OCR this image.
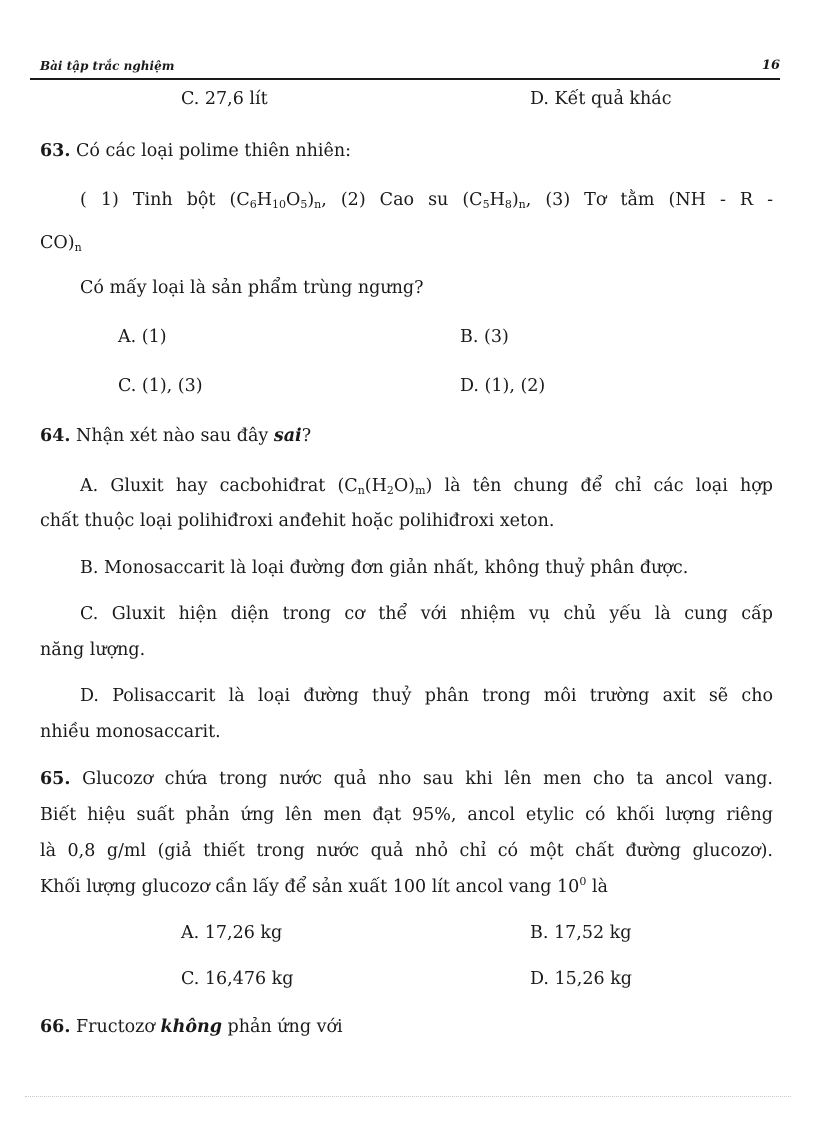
Bài tập trắc nghiệm	16
C. 27,6 lít	D. Kết quả khác
63. Có các loại polime thiên nhiên:
( 1) Tinh bột $(C_6H_{10}O_5)_n$, (2) Cao su $(C_5H_8)_n$, (3) Tơ tằm (NH - R -
$CO)_n$
Có mấy loại là sản phẩm trùng ngưng?
A. (1)	B. (3)
C. (1), (3)	D. (1), (2)
64. Nhận xét nào sau đây sai?
A. Gluxit hay cacbohiđrat $(C_n(H_2O)_m)$ là tên chung để chỉ các loại hợp
chất thuộc loại polihiđroxi anđehit hoặc polihiđroxi xeton.
B. Monosaccarit là loại đường đơn giản nhất, không thuỷ phân được.
C. Gluxit hiện diện trong cơ thể với nhiệm vụ chủ yếu là cung cấp
năng lượng.
D. Polisaccarit là loại đường thuỷ phân trong môi trường axit sẽ cho
nhiều monosaccarit.
65. Glucozơ chứa trong nước quả nho sau khi lên men cho ta ancol vang.
Biết hiệu suất phản ứng lên men đạt 95%, ancol etylic có khối lượng riêng
là 0,8 g/ml (giả thiết trong nước quả nhỏ chỉ có một chất đường glucozơ).
Khối lượng glucozơ cần lấy để sản xuất 100 lít ancol vang $10^0$ là
A. 17,26 kg	B. 17,52 kg
C. 16,476 kg	D. 15,26 kg
66. Fructozơ không phản ứng với
